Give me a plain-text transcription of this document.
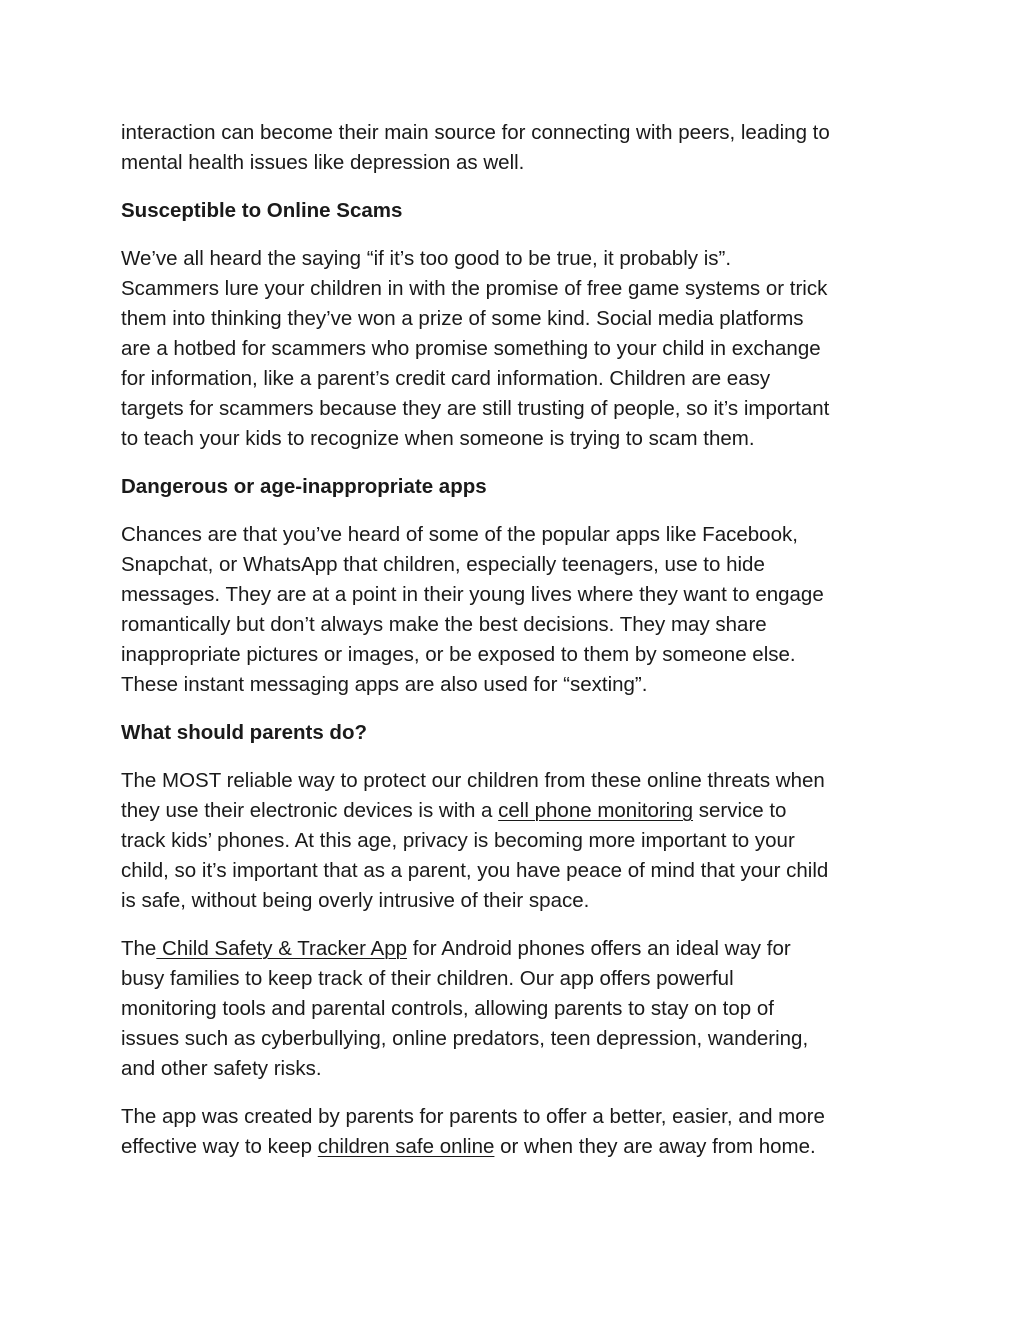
interaction can become their main source for connecting with peers, leading to
mental health issues like depression as well.

Susceptible to Online Scams

We’ve all heard the saying “if it’s too good to be true, it probably is”.
Scammers lure your children in with the promise of free game systems or trick
them into thinking they’ve won a prize of some kind. Social media platforms
are a hotbed for scammers who promise something to your child in exchange
for information, like a parent’s credit card information. Children are easy
targets for scammers because they are still trusting of people, so it’s important
to teach your kids to recognize when someone is trying to scam them.

Dangerous or age-inappropriate apps

Chances are that you’ve heard of some of the popular apps like Facebook,
Snapchat, or WhatsApp that children, especially teenagers, use to hide
messages. They are at a point in their young lives where they want to engage
romantically but don’t always make the best decisions. They may share
inappropriate pictures or images, or be exposed to them by someone else.
These instant messaging apps are also used for “sexting”.

What should parents do?

The MOST reliable way to protect our children from these online threats when
they use their electronic devices is with a cell phone monitoring service to
track kids’ phones. At this age, privacy is becoming more important to your
child, so it’s important that as a parent, you have peace of mind that your child
is safe, without being overly intrusive of their space.

The Child Safety & Tracker App for Android phones offers an ideal way for
busy families to keep track of their children. Our app offers powerful
monitoring tools and parental controls, allowing parents to stay on top of
issues such as cyberbullying, online predators, teen depression, wandering,
and other safety risks.

The app was created by parents for parents to offer a better, easier, and more
effective way to keep children safe online or when they are away from home.
